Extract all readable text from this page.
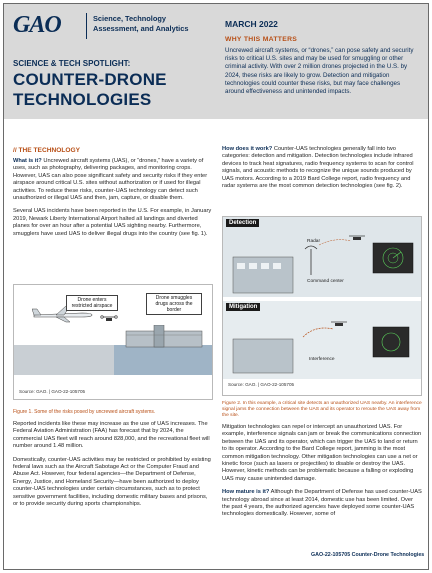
GAO	Science, Technology Assessment, and Analytics
SCIENCE & TECH SPOTLIGHT:
COUNTER-DRONE TECHNOLOGIES
MARCH 2022
WHY THIS MATTERS
Uncrewed aircraft systems, or “drones,” can pose safety and security risks to critical U.S. sites and may be used for smuggling or other criminal activity. With over 2 million drones projected in the U.S. by 2024, these risks are likely to grow. Detection and mitigation technologies could counter these risks, but may face challenges around effectiveness and unintended impacts.
// THE TECHNOLOGY

What is it? Uncrewed aircraft systems (UAS), or “drones,” have a variety of uses, such as photography, delivering packages, and monitoring crops. However, UAS can also pose significant safety and security risks if they enter airspace around critical U.S. sites without authorization or if used for illegal activities. To reduce these risks, counter-UAS technology can detect such unauthorized or illegal UAS and then, jam, capture, or disable them.

Several UAS incidents have been reported in the U.S. For example, in January 2019, Newark Liberty International Airport halted all landings and diverted planes for over an hour after a potential UAS sighting nearby. Furthermore, smugglers have used UAS to deliver illegal drugs into the country (see fig. 1).

Drone enters restricted airspace
Drone smuggles drugs across the border
Source: GAO. | GAO-22-105705
Figure 1. Some of the risks posed by uncrewed aircraft systems.

Reported incidents like these may increase as the use of UAS increases. The Federal Aviation Administration (FAA) has forecast that by 2024, the commercial UAS fleet will reach around 828,000, and the recreational fleet will number around 1.48 million.

Domestically, counter-UAS activities may be restricted or prohibited by existing federal laws such as the Aircraft Sabotage Act or the Computer Fraud and Abuse Act. However, four federal agencies—the Department of Defense, Energy, Justice, and Homeland Security—have been authorized to deploy counter-UAS technologies under certain circumstances, such as to protect sensitive government facilities, including domestic military bases and prisons, or to provide security during sports championships.

How does it work? Counter-UAS technologies generally fall into two categories: detection and mitigation. Detection technologies include infrared devices to track heat signatures, radio frequency systems to scan for control signals, and acoustic methods to recognize the unique sounds produced by UAS motors. According to a 2019 Bard College report, radio frequency and radar systems are the most common detection technologies (see fig. 2).

Detection
Mitigation
Radar
Command center
Interference
Source: GAO. | GAO-22-105705
Figure 2. In this example, a critical site detects an unauthorized UAS nearby. An interference signal jams the connection between the UAS and its operator to reroute the UAS away from the site.

Mitigation technologies can repel or intercept an unauthorized UAS. For example, interference signals can jam or break the communications connection between the UAS and its operator, which can trigger the UAS to land or return to its operator. According to the Bard College report, jamming is the most common mitigation technology. Other mitigation technologies can use a net or kinetic force (such as lasers or projectiles) to disable or destroy the UAS. However, kinetic methods can be problematic because a falling or exploding UAS may cause unintended damage.

How mature is it? Although the Department of Defense has used counter-UAS technology abroad since at least 2014, domestic use has been limited. Over the past 4 years, the authorized agencies have deployed some counter-UAS technologies domestically. However, some of

GAO-22-105705 Counter-Drone Technologies
